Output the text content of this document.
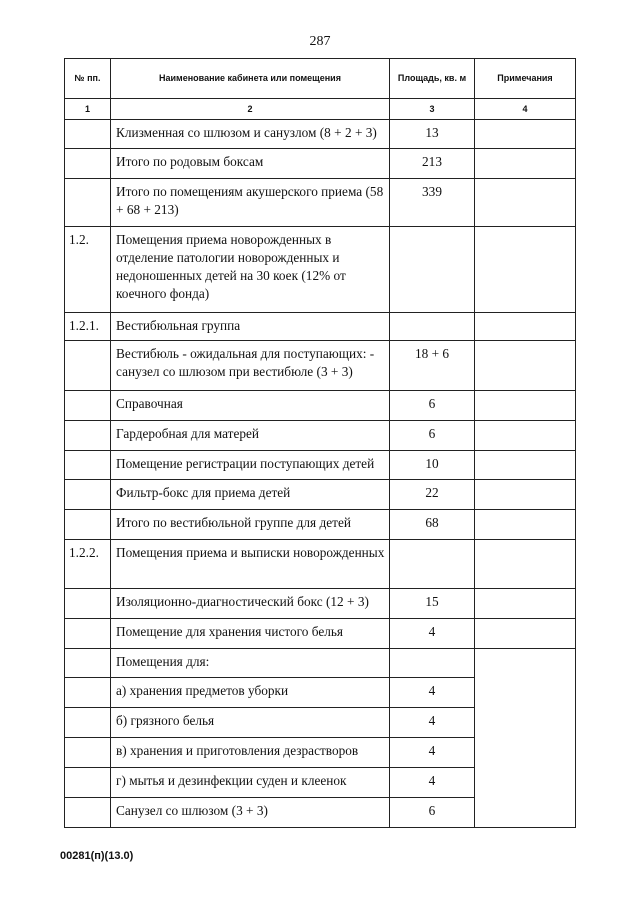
287
№ пп.	Наименование кабинета или помещения	Площадь, кв. м	Примечания
1	2	3	4
	Клизменная со шлюзом и санузлом (8 + 2 + 3)	13	
	Итого по родовым боксам	213	
	Итого по помещениям акушерского приема (58 + 68 + 213)	339	
1.2.	Помещения приема новорожденных в отделение патологии новорожденных и недоношенных детей на 30 коек (12% от коечного фонда)		
1.2.1.	Вестибюльная группа		
	Вестибюль - ожидальная для поступающих: - санузел со шлюзом при вестибюле (3 + 3)	18 + 6	
	Справочная	6	
	Гардеробная для матерей	6	
	Помещение регистрации поступающих детей	10	
	Фильтр-бокс для приема детей	22	
	Итого по вестибюльной группе для детей	68	
1.2.2.	Помещения приема и выписки новорожденных		
	Изоляционно-диагностический бокс (12 + 3)	15	
	Помещение для хранения чистого белья	4	
	Помещения для:		
	а) хранения предметов уборки	4	
	б) грязного белья	4	
	в) хранения и приготовления дезрастворов	4	
	г) мытья и дезинфекции суден и клеенок	4	
	Санузел со шлюзом (3 + 3)	6	
00281(п)(13.0)
